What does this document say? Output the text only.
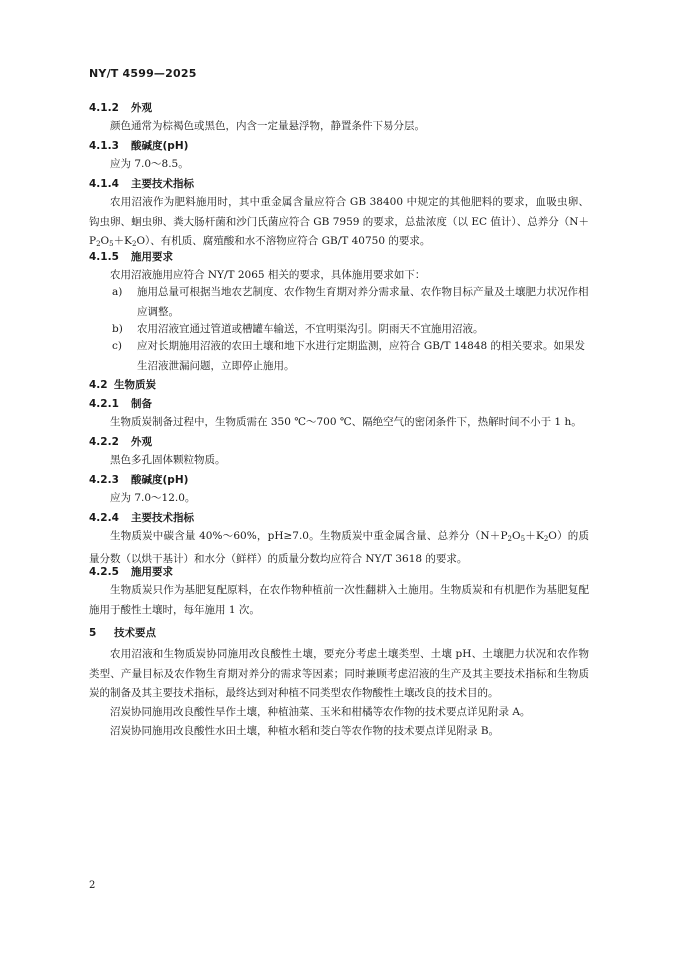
NY/T 4599—2025
4.1.2 外观
颜色通常为棕褐色或黑色，内含一定量悬浮物，静置条件下易分层。
4.1.3 酸碱度(pH)
应为 7.0～8.5。
4.1.4 主要技术指标
农用沼液作为肥料施用时，其中重金属含量应符合 GB 38400 中规定的其他肥料的要求，血吸虫卵、钩虫卵、蛔虫卵、粪大肠杆菌和沙门氏菌应符合 GB 7959 的要求，总盐浓度（以 EC 值计）、总养分$(N+P_2O_5+K_2O)$、有机质、腐殖酸和水不溶物应符合 GB/T 40750 的要求。
4.1.5 施用要求
农用沼液施用应符合 NY/T 2065 相关的要求，具体施用要求如下：
a) 施用总量可根据当地农艺制度、农作物生育期对养分需求量、农作物目标产量及土壤肥力状况作相应调整。
b) 农用沼液宜通过管道或槽罐车输送，不宜明渠沟引。阴雨天不宜施用沼液。
c) 应对长期施用沼液的农田土壤和地下水进行定期监测，应符合 GB/T 14848 的相关要求。如果发生沼液泄漏问题，立即停止施用。
4.2 生物质炭
4.2.1 制备
生物质炭制备过程中，生物质需在 350 ℃～700 ℃、隔绝空气的密闭条件下，热解时间不小于 1 h。
4.2.2 外观
黑色多孔固体颗粒物质。
4.2.3 酸碱度(pH)
应为 7.0～12.0。
4.2.4 主要技术指标
生物质炭中碳含量 40%～60%，pH≥7.0。生物质炭中重金属含量、总养分$(N+P_2O_5+K_2O)$的质量分数（以烘干基计）和水分（鲜样）的质量分数均应符合 NY/T 3618 的要求。
4.2.5 施用要求
生物质炭只作为基肥复配原料，在农作物种植前一次性翻耕入土施用。生物质炭和有机肥作为基肥复配施用于酸性土壤时，每年施用 1 次。
5 技术要点
农用沼液和生物质炭协同施用改良酸性土壤，要充分考虑土壤类型、土壤 pH、土壤肥力状况和农作物类型、产量目标及农作物生育期对养分的需求等因素；同时兼顾考虑沼液的生产及其主要技术指标和生物质炭的制备及其主要技术指标，最终达到对种植不同类型农作物酸性土壤改良的技术目的。
沼炭协同施用改良酸性旱作土壤，种植油菜、玉米和柑橘等农作物的技术要点详见附录 A。
沼炭协同施用改良酸性水田土壤，种植水稻和茭白等农作物的技术要点详见附录 B。
2
